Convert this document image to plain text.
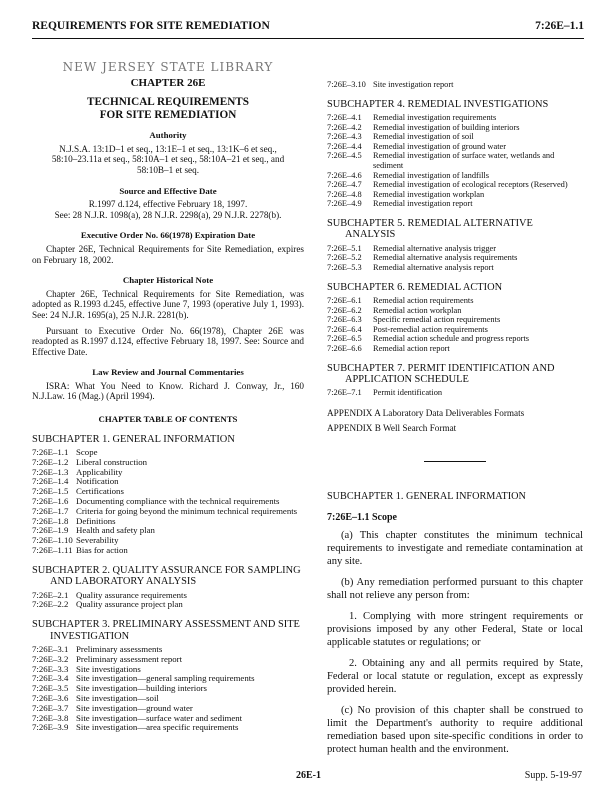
REQUIREMENTS FOR SITE REMEDIATION	7:26E–1.1
NEW JERSEY STATE LIBRARY
CHAPTER 26E
TECHNICAL REQUIREMENTS
FOR SITE REMEDIATION
Authority
N.J.S.A. 13:1D–1 et seq., 13:1E–1 et seq., 13:1K–6 et seq., 58:10–23.11a et seq., 58:10A–1 et seq., 58:10A–21 et seq., and 58:10B–1 et seq.
Source and Effective Date
R.1997 d.124, effective February 18, 1997.
See: 28 N.J.R. 1098(a), 28 N.J.R. 2298(a), 29 N.J.R. 2278(b).
Executive Order No. 66(1978) Expiration Date
Chapter 26E, Technical Requirements for Site Remediation, expires on February 18, 2002.
Chapter Historical Note
Chapter 26E, Technical Requirements for Site Remediation, was adopted as R.1993 d.245, effective June 7, 1993 (operative July 1, 1993). See: 24 N.J.R. 1695(a), 25 N.J.R. 2281(b).
Pursuant to Executive Order No. 66(1978), Chapter 26E was readopted as R.1997 d.124, effective February 18, 1997. See: Source and Effective Date.
Law Review and Journal Commentaries
ISRA: What You Need to Know. Richard J. Conway, Jr., 160 N.J.Law. 16 (Mag.) (April 1994).
CHAPTER TABLE OF CONTENTS
SUBCHAPTER 1. GENERAL INFORMATION
7:26E–1.1 Scope
7:26E–1.2 Liberal construction
7:26E–1.3 Applicability
7:26E–1.4 Notification
7:26E–1.5 Certifications
7:26E–1.6 Documenting compliance with the technical requirements
7:26E–1.7 Criteria for going beyond the minimum technical requirements
7:26E–1.8 Definitions
7:26E–1.9 Health and safety plan
7:26E–1.10 Severability
7:26E–1.11 Bias for action
SUBCHAPTER 2. QUALITY ASSURANCE FOR SAMPLING AND LABORATORY ANALYSIS
7:26E–2.1 Quality assurance requirements
7:26E–2.2 Quality assurance project plan
SUBCHAPTER 3. PRELIMINARY ASSESSMENT AND SITE INVESTIGATION
7:26E–3.1 Preliminary assessments
7:26E–3.2 Preliminary assessment report
7:26E–3.3 Site investigations
7:26E–3.4 Site investigation—general sampling requirements
7:26E–3.5 Site investigation—building interiors
7:26E–3.6 Site investigation—soil
7:26E–3.7 Site investigation—ground water
7:26E–3.8 Site investigation—surface water and sediment
7:26E–3.9 Site investigation—area specific requirements
7:26E–3.10 Site investigation report
SUBCHAPTER 4. REMEDIAL INVESTIGATIONS
7:26E–4.1	Remedial investigation requirements
7:26E–4.2	Remedial investigation of building interiors
7:26E–4.3	Remedial investigation of soil
7:26E–4.4	Remedial investigation of ground water
7:26E–4.5	Remedial investigation of surface water, wetlands and sediment
7:26E–4.6	Remedial investigation of landfills
7:26E–4.7	Remedial investigation of ecological receptors (Reserved)
7:26E–4.8	Remedial investigation workplan
7:26E–4.9	Remedial investigation report
SUBCHAPTER 5. REMEDIAL ALTERNATIVE ANALYSIS
7:26E–5.1	Remedial alternative analysis trigger
7:26E–5.2	Remedial alternative analysis requirements
7:26E–5.3	Remedial alternative analysis report
SUBCHAPTER 6. REMEDIAL ACTION
7:26E–6.1	Remedial action requirements
7:26E–6.2	Remedial action workplan
7:26E–6.3	Specific remedial action requirements
7:26E–6.4	Post-remedial action requirements
7:26E–6.5	Remedial action schedule and progress reports
7:26E–6.6	Remedial action report
SUBCHAPTER 7. PERMIT IDENTIFICATION AND APPLICATION SCHEDULE
7:26E–7.1	Permit identification
APPENDIX A Laboratory Data Deliverables Formats
APPENDIX B Well Search Format
SUBCHAPTER 1. GENERAL INFORMATION
7:26E–1.1 Scope
(a) This chapter constitutes the minimum technical requirements to investigate and remediate contamination at any site.
(b) Any remediation performed pursuant to this chapter shall not relieve any person from:
1. Complying with more stringent requirements or provisions imposed by any other Federal, State or local applicable statutes or regulations; or
2. Obtaining any and all permits required by State, Federal or local statute or regulation, except as expressly provided herein.
(c) No provision of this chapter shall be construed to limit the Department's authority to require additional remediation based upon site-specific conditions in order to protect human health and the environment.
26E-1	Supp. 5-19-97
